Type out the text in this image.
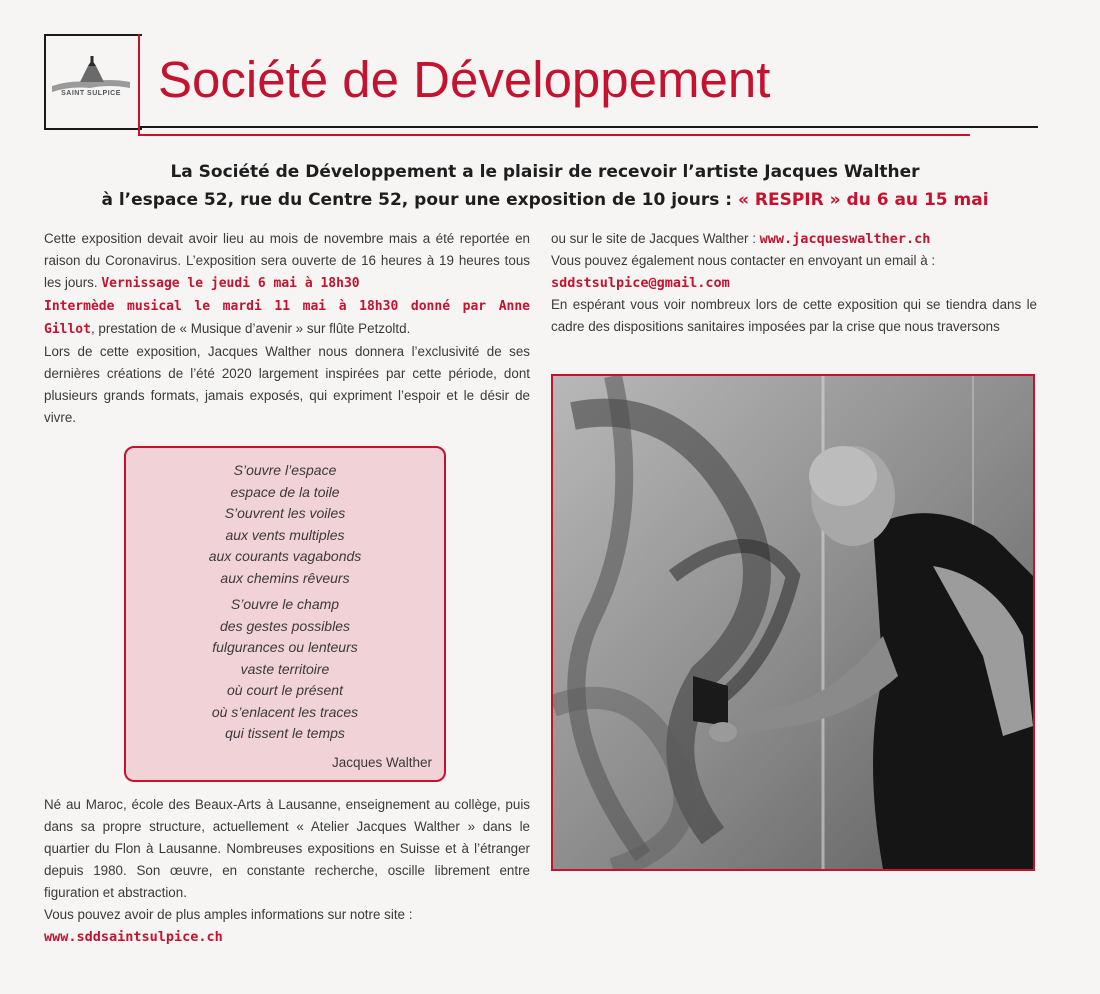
SAINT SULPICE Société de Développement
La Société de Développement a le plaisir de recevoir l’artiste Jacques Walther
à l’espace 52, rue du Centre 52, pour une exposition de 10 jours : « RESPIR » du 6 au 15 mai

Cette exposition devait avoir lieu au mois de novembre mais a été reportée en raison du Coronavirus. L’exposition sera ouverte de 16 heures à 19 heures tous les jours. Vernissage le jeudi 6 mai à 18h30
Intermède musical le mardi 11 mai à 18h30 donné par Anne Gillot, prestation de « Musique d’avenir » sur flûte Petzoltd.

Lors de cette exposition, Jacques Walther nous donnera l’exclusivité de ses dernières créations de l’été 2020 largement inspirées par cette période, dont plusieurs grands formats, jamais exposés, qui expriment l’espoir et le désir de vivre.

S’ouvre l’espace
espace de la toile
S’ouvrent les voiles
aux vents multiples
aux courants vagabonds
aux chemins rêveurs
S’ouvre le champ
des gestes possibles
fulgurances ou lenteurs
vaste territoire
où court le présent
où s’enlacent les traces
qui tissent le temps
Jacques Walther

Né au Maroc, école des Beaux-Arts à Lausanne, enseignement au collège, puis dans sa propre structure, actuellement « Atelier Jacques Walther » dans le quartier du Flon à Lausanne. Nombreuses expositions en Suisse et à l’étranger depuis 1980. Son œuvre, en constante recherche, oscille librement entre figuration et abstraction.

Vous pouvez avoir de plus amples informations sur notre site :

www.sddsaintsulpice.ch

ou sur le site de Jacques Walther : www.jacqueswalther.ch

Vous pouvez également nous contacter en envoyant un email à :

sddstsulpice@gmail.com

En espérant vous voir nombreux lors de cette exposition qui se tiendra dans le cadre des dispositions sanitaires imposées par la crise que nous traversons
